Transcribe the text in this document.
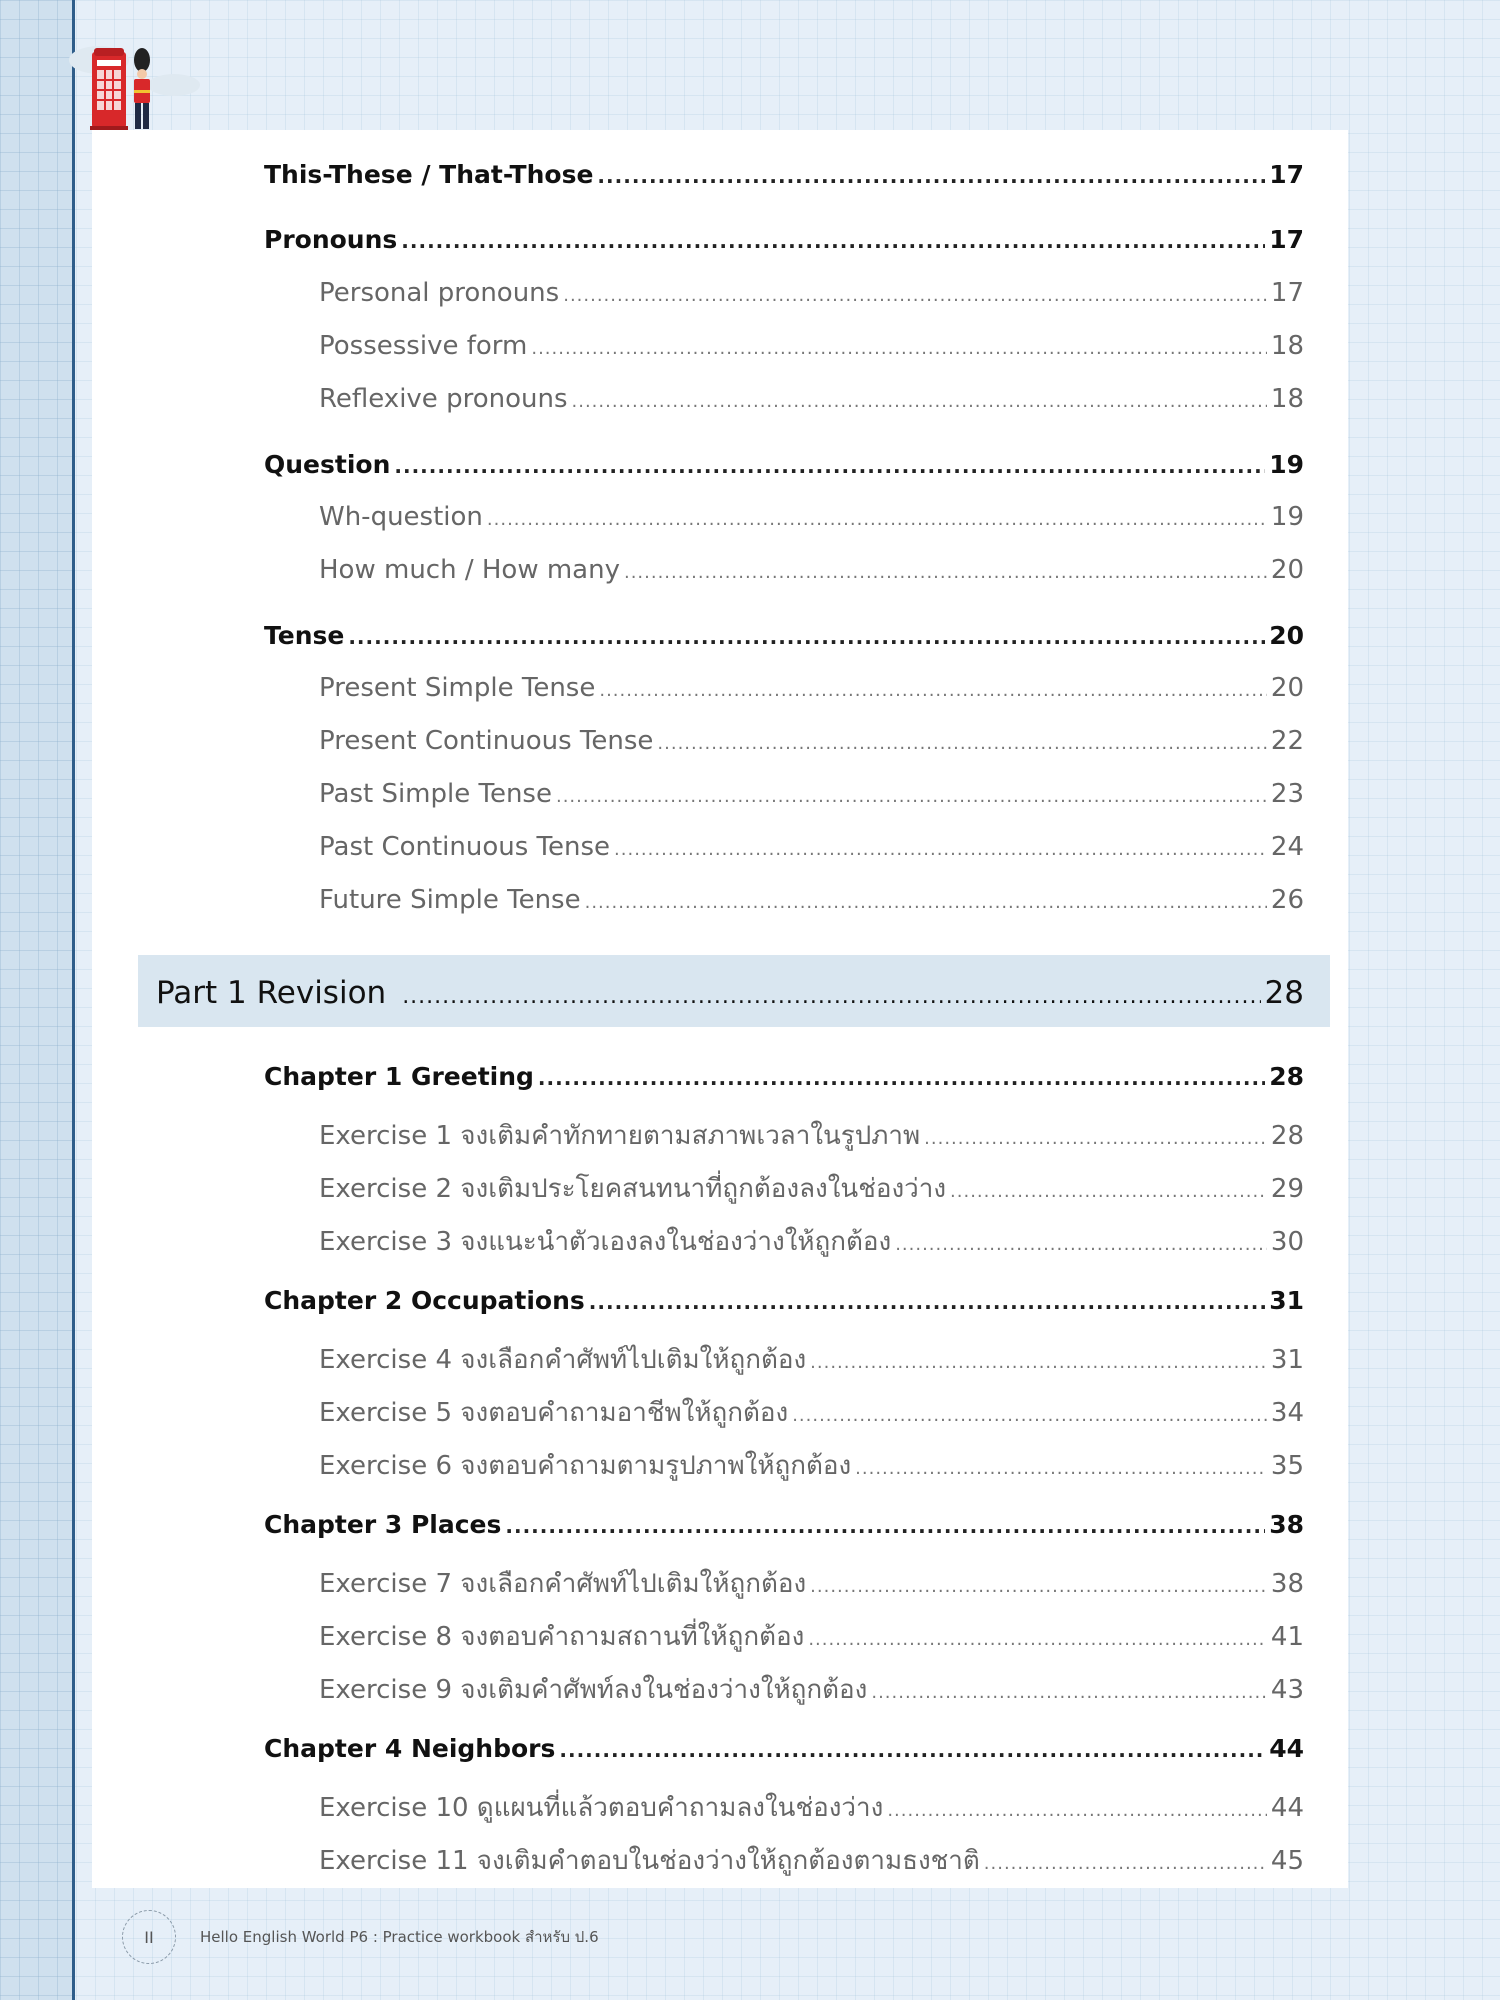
This-These / That-Those .....	17
Pronouns .....	17
Personal pronouns .....	17
Possessive form .....	18
Reflexive pronouns .....	18
Question .....	19
Wh-question .....	19
How much / How many .....	20
Tense .....	20
Present Simple Tense .....	20
Present Continuous Tense .....	22
Past Simple Tense .....	23
Past Continuous Tense .....	24
Future Simple Tense .....	26
Part 1 Revision .....	28
Chapter 1 Greeting .....	28
Exercise 1 จงเติมคำทักทายตามสภาพเวลาในรูปภาพ .....	28
Exercise 2 จงเติมประโยคสนทนาที่ถูกต้องลงในช่องว่าง .....	29
Exercise 3 จงแนะนำตัวเองลงในช่องว่างให้ถูกต้อง .....	30
Chapter 2 Occupations .....	31
Exercise 4 จงเลือกคำศัพท์ไปเติมให้ถูกต้อง .....	31
Exercise 5 จงตอบคำถามอาชีพให้ถูกต้อง .....	34
Exercise 6 จงตอบคำถามตามรูปภาพให้ถูกต้อง .....	35
Chapter 3 Places .....	38
Exercise 7 จงเลือกคำศัพท์ไปเติมให้ถูกต้อง .....	38
Exercise 8 จงตอบคำถามสถานที่ให้ถูกต้อง .....	41
Exercise 9 จงเติมคำศัพท์ลงในช่องว่างให้ถูกต้อง .....	43
Chapter 4 Neighbors .....	44
Exercise 10 ดูแผนที่แล้วตอบคำถามลงในช่องว่าง .....	44
Exercise 11 จงเติมคำตอบในช่องว่างให้ถูกต้องตามธงชาติ .....	45
II	Hello English World P6 : Practice workbook สำหรับ ป.6
